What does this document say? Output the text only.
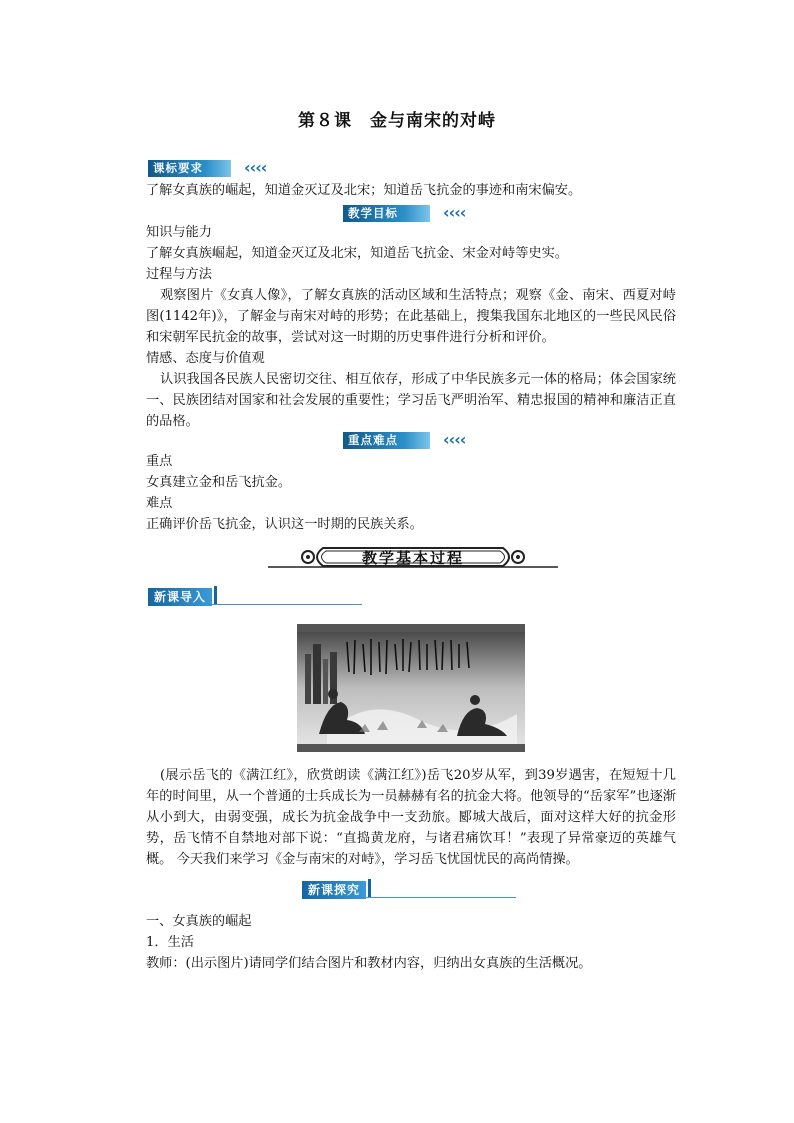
第８课　金与南宋的对峙
课标要求	‹‹‹‹
了解女真族的崛起，知道金灭辽及北宋；知道岳飞抗金的事迹和南宋偏安。
教学目标	‹‹‹‹
知识与能力
了解女真族崛起，知道金灭辽及北宋，知道岳飞抗金、宋金对峙等史实。
过程与方法
观察图片《女真人像》，了解女真族的活动区域和生活特点；观察《金、南宋、西夏对峙图(1142年)》，了解金与南宋对峙的形势；在此基础上，搜集我国东北地区的一些民风民俗和宋朝军民抗金的故事，尝试对这一时期的历史事件进行分析和评价。
情感、态度与价值观
认识我国各民族人民密切交往、相互依存，形成了中华民族多元一体的格局；体会国家统一、民族团结对国家和社会发展的重要性；学习岳飞严明治军、精忠报国的精神和廉洁正直的品格。
重点难点	‹‹‹‹
重点
女真建立金和岳飞抗金。
难点
正确评价岳飞抗金，认识这一时期的民族关系。
教学基本过程
新课导入
(展示岳飞的《满江红》，欣赏朗读《满江红》)岳飞20岁从军，到39岁遇害，在短短十几年的时间里，从一个普通的士兵成长为一员赫赫有名的抗金大将。他领导的“岳家军”也逐渐从小到大，由弱变强，成长为抗金战争中一支劲旅。郾城大战后，面对这样大好的抗金形势，岳飞情不自禁地对部下说：“直捣黄龙府，与诸君痛饮耳！”表现了异常豪迈的英雄气概。 今天我们来学习《金与南宋的对峙》，学习岳飞忧国忧民的高尚情操。
新课探究
一、女真族的崛起
1．生活
教师：(出示图片)请同学们结合图片和教材内容，归纳出女真族的生活概况。
